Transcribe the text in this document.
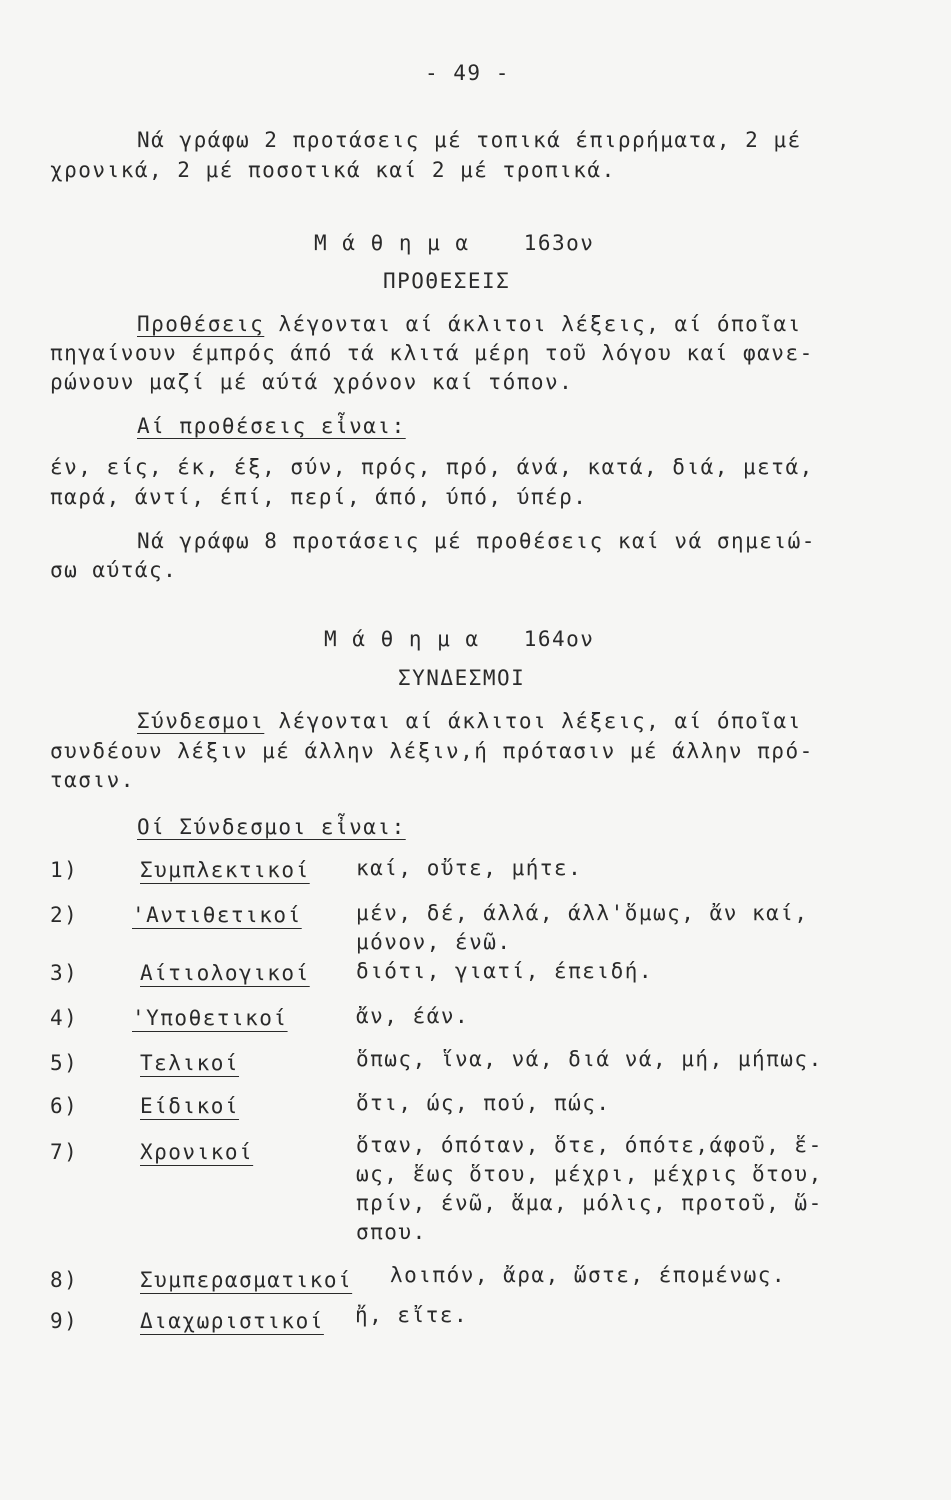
- 49 -
Νά γράφω 2 προτάσεις μέ τοπικά έπιρρήματα, 2 μέ
χρονικά, 2 μέ ποσοτικά καί 2 μέ τροπικά.
Μ ά θ η μ α	163ον
ΠΡΟΘΕΣΕΙΣ
Προθέσεις λέγονται αί άκλιτοι λέξεις, αί όποῖαι
πηγαίνουν έμπρός άπό τά κλιτά μέρη τοῦ λόγου καί φανε-
ρώνουν μαζί μέ αύτά χρόνον καί τόπον.
Αί προθέσεις εἶναι:
έν, είς, έκ, έξ, σύν, πρός, πρό, άνά, κατά, διά, μετά,
παρά, άντί, έπί, περί, άπό, ύπό, ύπέρ.
Νά γράφω 8 προτάσεις μέ προθέσεις καί νά σημειώ-
σω αύτάς.
Μ ά θ η μ α 164ον
ΣΥΝΔΕΣΜΟΙ
Σύνδεσμοι λέγονται αί άκλιτοι λέξεις, αί όποῖαι
συνδέουν λέξιν μέ άλλην λέξιν,ή πρότασιν μέ άλλην πρό-
τασιν.
Οί Σύνδεσμοι εἶναι:
1)	Συμπλεκτικοί καί, οὔτε, μήτε.
2)	'Αντιθετικοί	μέν, δέ, άλλά, άλλ'ὅμως, ἄν καί,
μόνον, ένῶ.
3)	Αίτιολογικοί διότι, γιατί, έπειδή.
4)	'Υποθετικοί	ἄν, έάν.
5)	Τελικοί	ὅπως, ἵνα, νά, διά νά, μή, μήπως.
6)	Είδικοί	ὅτι, ώς, πού, πώς.
7)	Χρονικοί	ὅταν, όπόταν, ὅτε, όπότε,άφοῦ, ἕ-
ως, ἕως ὅτου, μέχρι, μέχρις ὅτου,
πρίν, ένῶ, ἅμα, μόλις, προτοῦ, ὥ-
σπου.
8)	Συμπερασματικοί λοιπόν, ἄρα, ὥστε, έπομένως.
9)	Διαχωριστικοί ἤ, εἴτε.
